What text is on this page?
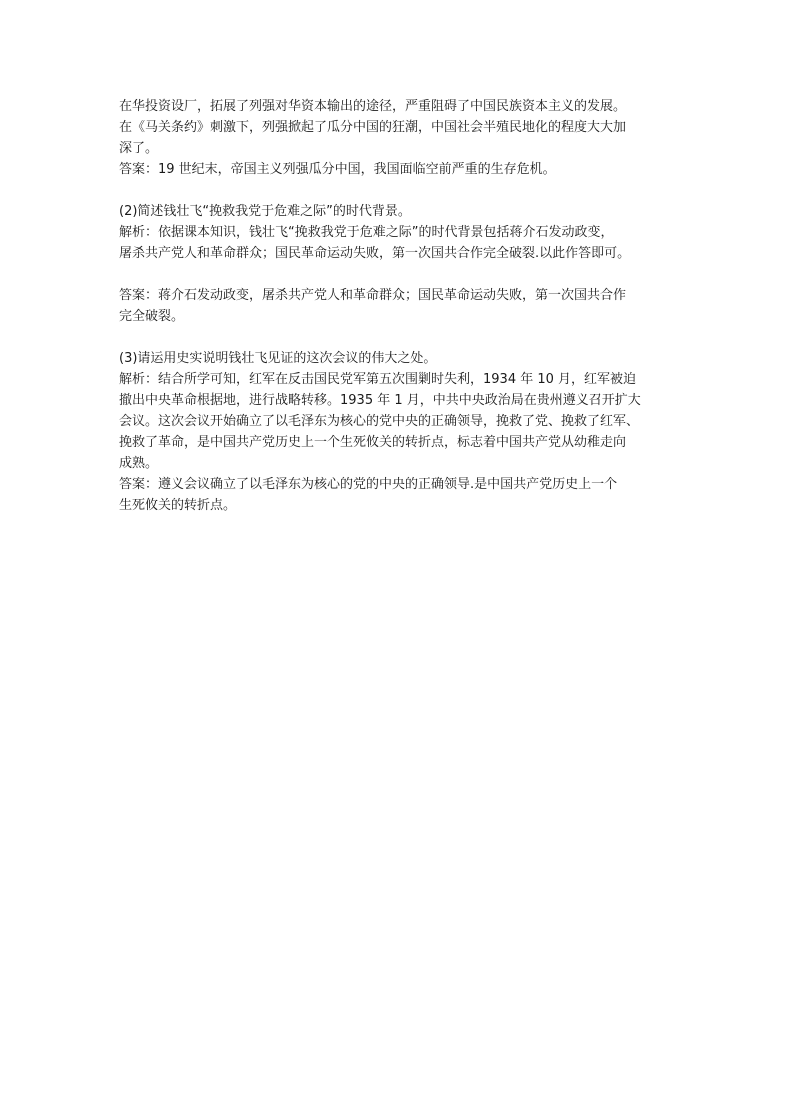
在华投资设厂，拓展了列强对华资本输出的途径，严重阻碍了中国民族资本主义的发展。
在《马关条约》刺激下，列强掀起了瓜分中国的狂潮，中国社会半殖民地化的程度大大加
深了。
答案：19 世纪末，帝国主义列强瓜分中国，我国面临空前严重的生存危机。
(2)简述钱壮飞“挽救我党于危难之际”的时代背景。
解析：依据课本知识，钱壮飞“挽救我党于危难之际”的时代背景包括蒋介石发动政变，
屠杀共产党人和革命群众；国民革命运动失败，第一次国共合作完全破裂.以此作答即可。
答案：蒋介石发动政变，屠杀共产党人和革命群众；国民革命运动失败，第一次国共合作
完全破裂。
(3)请运用史实说明钱壮飞见证的这次会议的伟大之处。
解析：结合所学可知，红军在反击国民党军第五次围剿时失利，1934 年 10 月，红军被迫
撤出中央革命根据地，进行战略转移。1935 年 1 月，中共中央政治局在贵州遵义召开扩大
会议。这次会议开始确立了以毛泽东为核心的党中央的正确领导，挽救了党、挽救了红军、
挽救了革命，是中国共产党历史上一个生死攸关的转折点，标志着中国共产党从幼稚走向
成熟。
答案：遵义会议确立了以毛泽东为核心的党的中央的正确领导.是中国共产党历史上一个
生死攸关的转折点。
